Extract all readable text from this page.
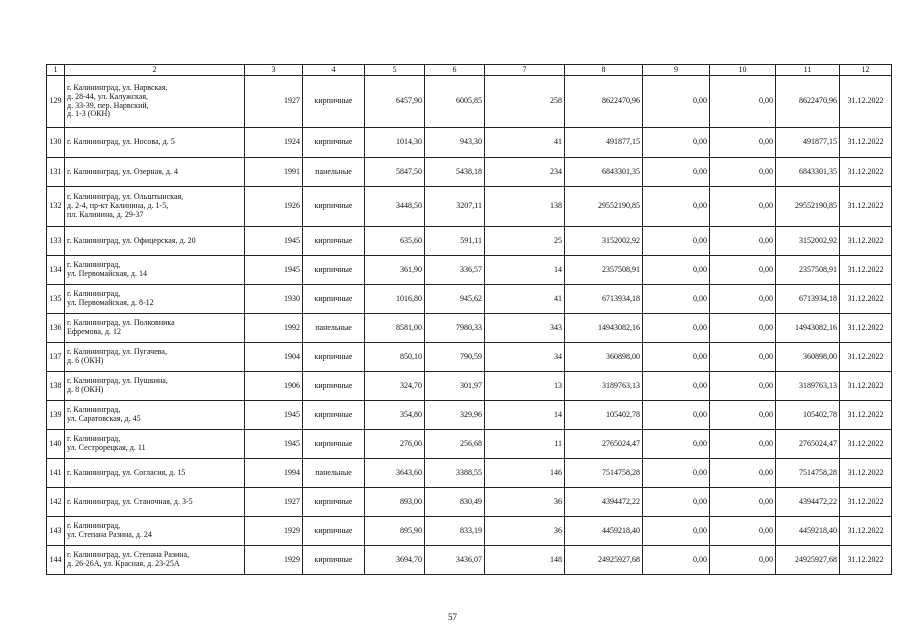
1	2	3	4	5	6	7	8	9	10	11	12
129	г. Калининград, ул. Нарвская,
д. 28-44, ул. Калужская,
д. 33-39, пер. Нарвский,
д. 1-3 (ОКН)	1927	кирпичные	6457,90	6005,85	258	8622470,96	0,00	0,00	8622470,96	31.12.2022
130	г. Калининград, ул. Носова, д. 5	1924	кирпичные	1014,30	943,30	41	491877,15	0,00	0,00	491877,15	31.12.2022
131	г. Калининград, ул. Озерная, д. 4	1991	панельные	5847,50	5438,18	234	6843301,35	0,00	0,00	6843301,35	31.12.2022
132	г. Калининград, ул. Ольштынская,
д. 2-4, пр-кт Калинина, д. 1-5,
пл. Калинина, д. 29-37	1926	кирпичные	3448,50	3207,11	138	29552190,85	0,00	0,00	29552190,85	31.12.2022
133	г. Калининград, ул. Офицерская, д. 20	1945	кирпичные	635,60	591,11	25	3152002,92	0,00	0,00	3152002,92	31.12.2022
134	г. Калининград,
ул. Первомайская, д. 14	1945	кирпичные	361,90	336,57	14	2357508,91	0,00	0,00	2357508,91	31.12.2022
135	г. Калининград,
ул. Первомайская, д. 8-12	1930	кирпичные	1016,80	945,62	41	6713934,18	0,00	0,00	6713934,18	31.12.2022
136	г. Калининград, ул. Полковника
Ефремова, д. 12	1992	панельные	8581,00	7980,33	343	14943082,16	0,00	0,00	14943082,16	31.12.2022
137	г. Калининград, ул. Пугачева,
д. 6 (ОКН)	1904	кирпичные	850,10	790,59	34	360898,00	0,00	0,00	360898,00	31.12.2022
138	г. Калининград, ул. Пушкина,
д. 8 (ОКН)	1906	кирпичные	324,70	301,97	13	3189763,13	0,00	0,00	3189763,13	31.12.2022
139	г. Калининград,
ул. Саратовская, д. 45	1945	кирпичные	354,80	329,96	14	105402,78	0,00	0,00	105402,78	31.12.2022
140	г. Калининград,
ул. Сестрорецкая, д. 11	1945	кирпичные	276,00	256,68	11	2765024,47	0,00	0,00	2765024,47	31.12.2022
141	г. Калининград, ул. Согласия, д. 15	1994	панельные	3643,60	3388,55	146	7514758,28	0,00	0,00	7514758,28	31.12.2022
142	г. Калининград, ул. Станочная, д. 3-5	1927	кирпичные	893,00	830,49	36	4394472,22	0,00	0,00	4394472,22	31.12.2022
143	г. Калининград,
ул. Степана Разина, д. 24	1929	кирпичные	895,90	833,19	36	4459218,40	0,00	0,00	4459218,40	31.12.2022
144	г. Калининград, ул. Степана Разина,
д. 26-26А, ул. Красная, д. 23-25А	1929	кирпичные	3694,70	3436,07	148	24925927,68	0,00	0,00	24925927,68	31.12.2022
57
